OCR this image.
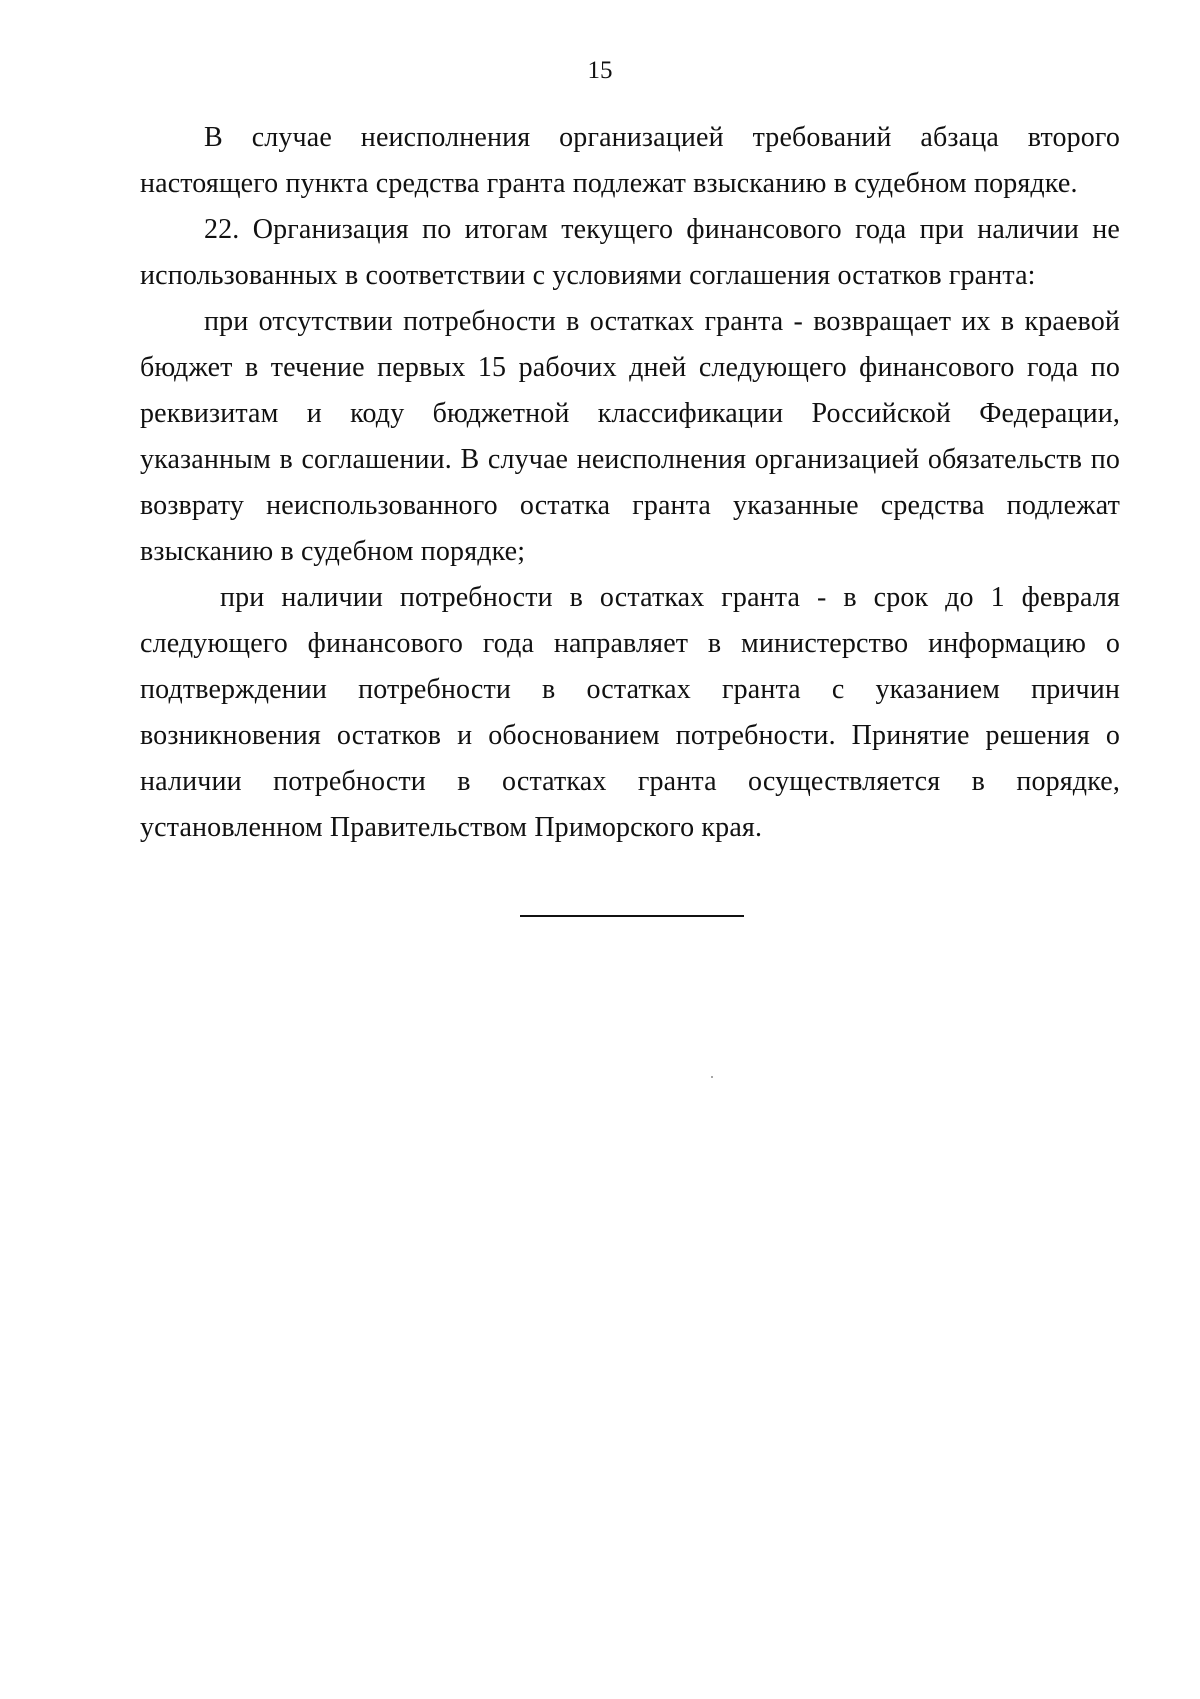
15

В случае неисполнения организацией требований абзаца второго настоящего пункта средства гранта подлежат взысканию в судебном порядке.

22. Организация по итогам текущего финансового года при наличии не использованных в соответствии с условиями соглашения остатков гранта:

при отсутствии потребности в остатках гранта - возвращает их в краевой бюджет в течение первых 15 рабочих дней следующего финансового года по реквизитам и коду бюджетной классификации Российской Федерации, указанным в соглашении. В случае неисполнения организацией обязательств по возврату неиспользованного остатка гранта указанные средства подлежат взысканию в судебном порядке;

при наличии потребности в остатках гранта - в срок до 1 февраля следующего финансового года направляет в министерство информацию о подтверждении потребности в остатках гранта с указанием причин возникновения остатков и обоснованием потребности. Принятие решения о наличии потребности в остатках гранта осуществляется в порядке, установленном Правительством Приморского края.
